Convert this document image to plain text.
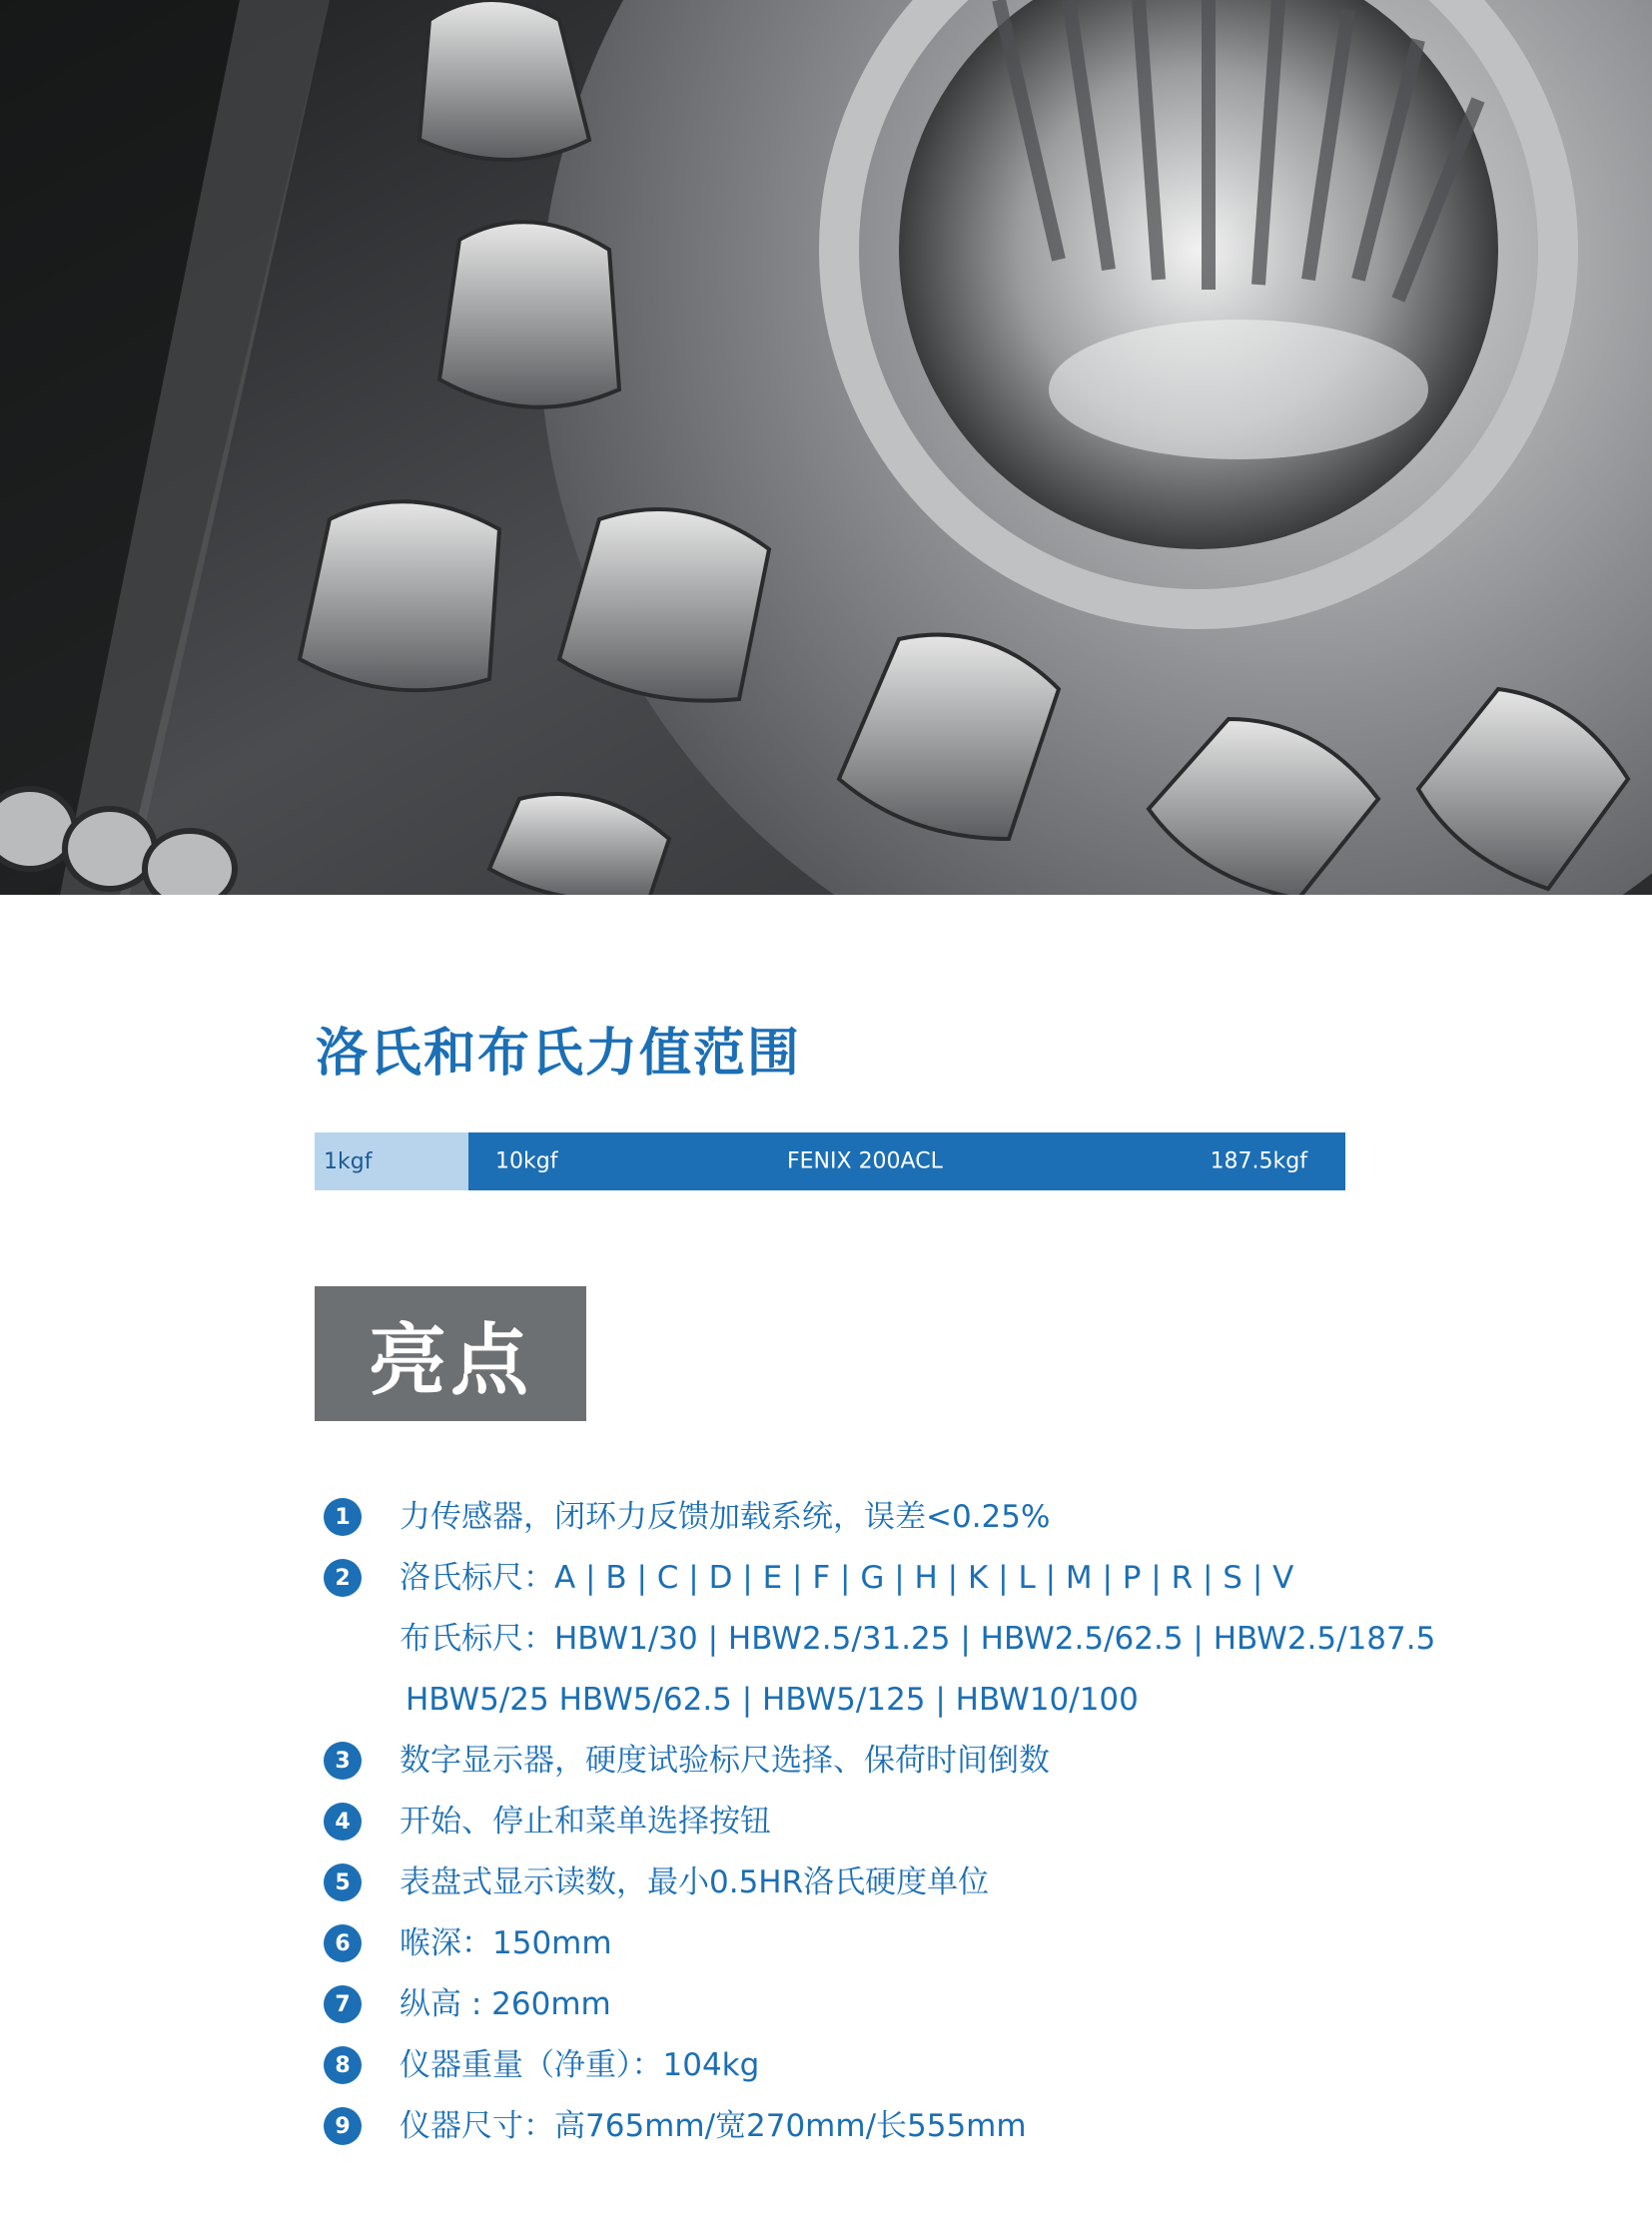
洛氏和布氏力值范围
1kgf	10kgf	FENIX 200ACL	187.5kgf
亮点
1	力传感器，闭环力反馈加载系统，误差<0.25%
2	洛氏标尺：A | B | C | D | E | F | G | H | K | L | M | P | R | S | V
布氏标尺：HBW1/30 | HBW2.5/31.25 | HBW2.5/62.5 | HBW2.5/187.5
HBW5/25 HBW5/62.5 | HBW5/125 | HBW10/100
3	数字显示器，硬度试验标尺选择、保荷时间倒数
4	开始、停止和菜单选择按钮
5	表盘式显示读数，最小0.5HR洛氏硬度单位
6	喉深：150mm
7	纵高 : 260mm
8	仪器重量（净重）：104kg
9	仪器尺寸：高765mm/宽270mm/长555mm
